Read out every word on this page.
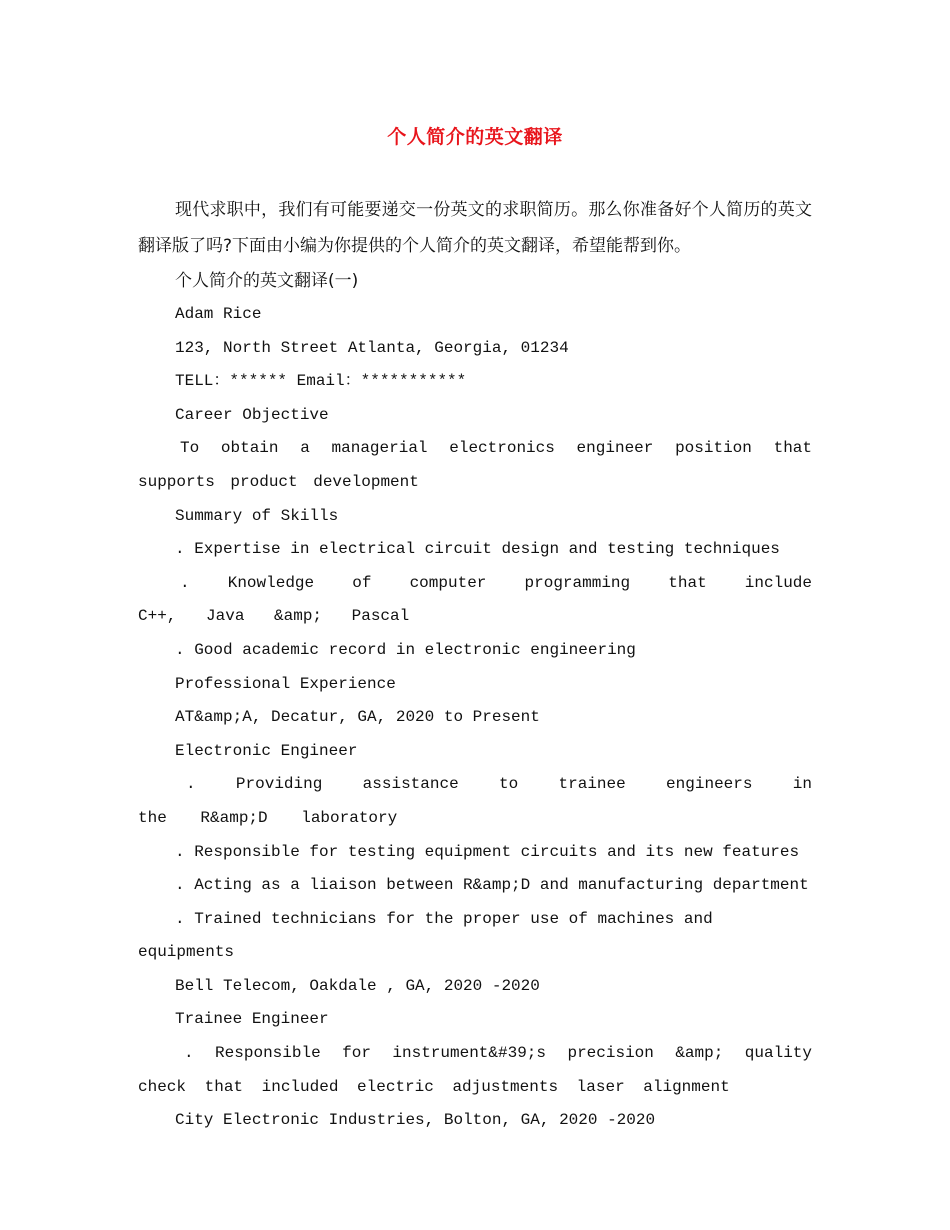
个人简介的英文翻译

现代求职中，我们有可能要递交一份英文的求职简历。那么你准备好个人简历的英文翻译版了吗?下面由小编为你提供的个人简介的英文翻译，希望能帮到你。

个人简介的英文翻译(一)

Adam Rice

123, North Street Atlanta, Georgia, 01234

TELL：****** Email：***********

Career Objective

To obtain a managerial electronics engineer position that supports product development

Summary of Skills

. Expertise in electrical circuit design and testing techniques

. Knowledge of computer programming that include C++, Java &amp; Pascal

. Good academic record in electronic engineering

Professional Experience

AT&amp;A, Decatur, GA, 2020 to Present

Electronic Engineer

. Providing assistance to trainee engineers in the R&amp;D laboratory

. Responsible for testing equipment circuits and its new features

. Acting as a liaison between R&amp;D and manufacturing department

. Trained technicians for the proper use of machines and equipments

Bell Telecom, Oakdale , GA, 2020 -2020

Trainee Engineer

. Responsible for instrument&#39;s precision &amp; quality check that included electric adjustments laser alignment

City Electronic Industries, Bolton, GA, 2020 -2020
